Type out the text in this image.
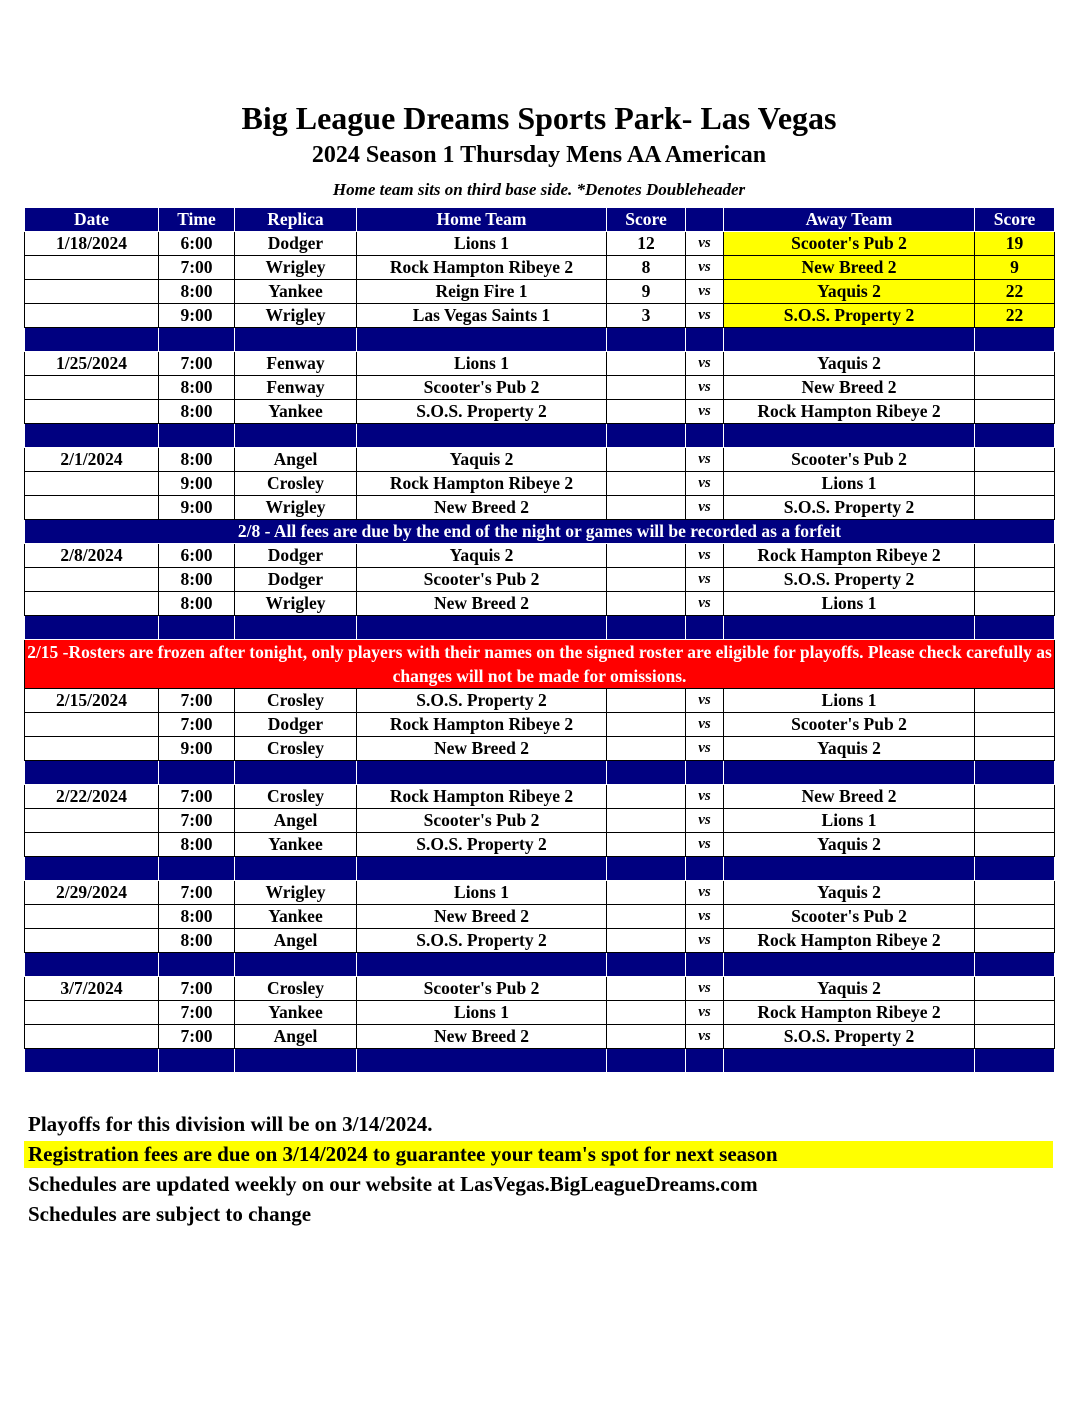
Big League Dreams Sports Park- Las Vegas
2024 Season 1 Thursday Mens AA American
Home team sits on third base side. *Denotes Doubleheader
Date	Time	Replica	Home Team	Score		Away Team	Score
1/18/2024	6:00	Dodger	Lions 1	12	vs	Scooter's Pub 2	19
	7:00	Wrigley	Rock Hampton Ribeye 2	8	vs	New Breed 2	9
	8:00	Yankee	Reign Fire 1	9	vs	Yaquis 2	22
	9:00	Wrigley	Las Vegas Saints 1	3	vs	S.O.S. Property 2	22

1/25/2024	7:00	Fenway	Lions 1		vs	Yaquis 2	
	8:00	Fenway	Scooter's Pub 2		vs	New Breed 2	
	8:00	Yankee	S.O.S. Property 2		vs	Rock Hampton Ribeye 2	

2/1/2024	8:00	Angel	Yaquis 2		vs	Scooter's Pub 2	
	9:00	Crosley	Rock Hampton Ribeye 2		vs	Lions 1	
	9:00	Wrigley	New Breed 2		vs	S.O.S. Property 2	
2/8 - All fees are due by the end of the night or games will be recorded as a forfeit							
2/8/2024	6:00	Dodger	Yaquis 2		vs	Rock Hampton Ribeye 2	
	8:00	Dodger	Scooter's Pub 2		vs	S.O.S. Property 2	
	8:00	Wrigley	New Breed 2		vs	Lions 1	

2/15 -Rosters are frozen after tonight, only players with their names on the signed roster are eligible for playoffs. Please check carefully as changes will not be made for omissions.							
2/15/2024	7:00	Crosley	S.O.S. Property 2		vs	Lions 1	
	7:00	Dodger	Rock Hampton Ribeye 2		vs	Scooter's Pub 2	
	9:00	Crosley	New Breed 2		vs	Yaquis 2	

2/22/2024	7:00	Crosley	Rock Hampton Ribeye 2		vs	New Breed 2	
	7:00	Angel	Scooter's Pub 2		vs	Lions 1	
	8:00	Yankee	S.O.S. Property 2		vs	Yaquis 2	

2/29/2024	7:00	Wrigley	Lions 1		vs	Yaquis 2	
	8:00	Yankee	New Breed 2		vs	Scooter's Pub 2	
	8:00	Angel	S.O.S. Property 2		vs	Rock Hampton Ribeye 2	

3/7/2024	7:00	Crosley	Scooter's Pub 2		vs	Yaquis 2	
	7:00	Yankee	Lions 1		vs	Rock Hampton Ribeye 2	
	7:00	Angel	New Breed 2		vs	S.O.S. Property 2	

Playoffs for this division will be on 3/14/2024.
Registration fees are due on 3/14/2024 to guarantee your team's spot for next season
Schedules are updated weekly on our website at LasVegas.BigLeagueDreams.com
Schedules are subject to change
